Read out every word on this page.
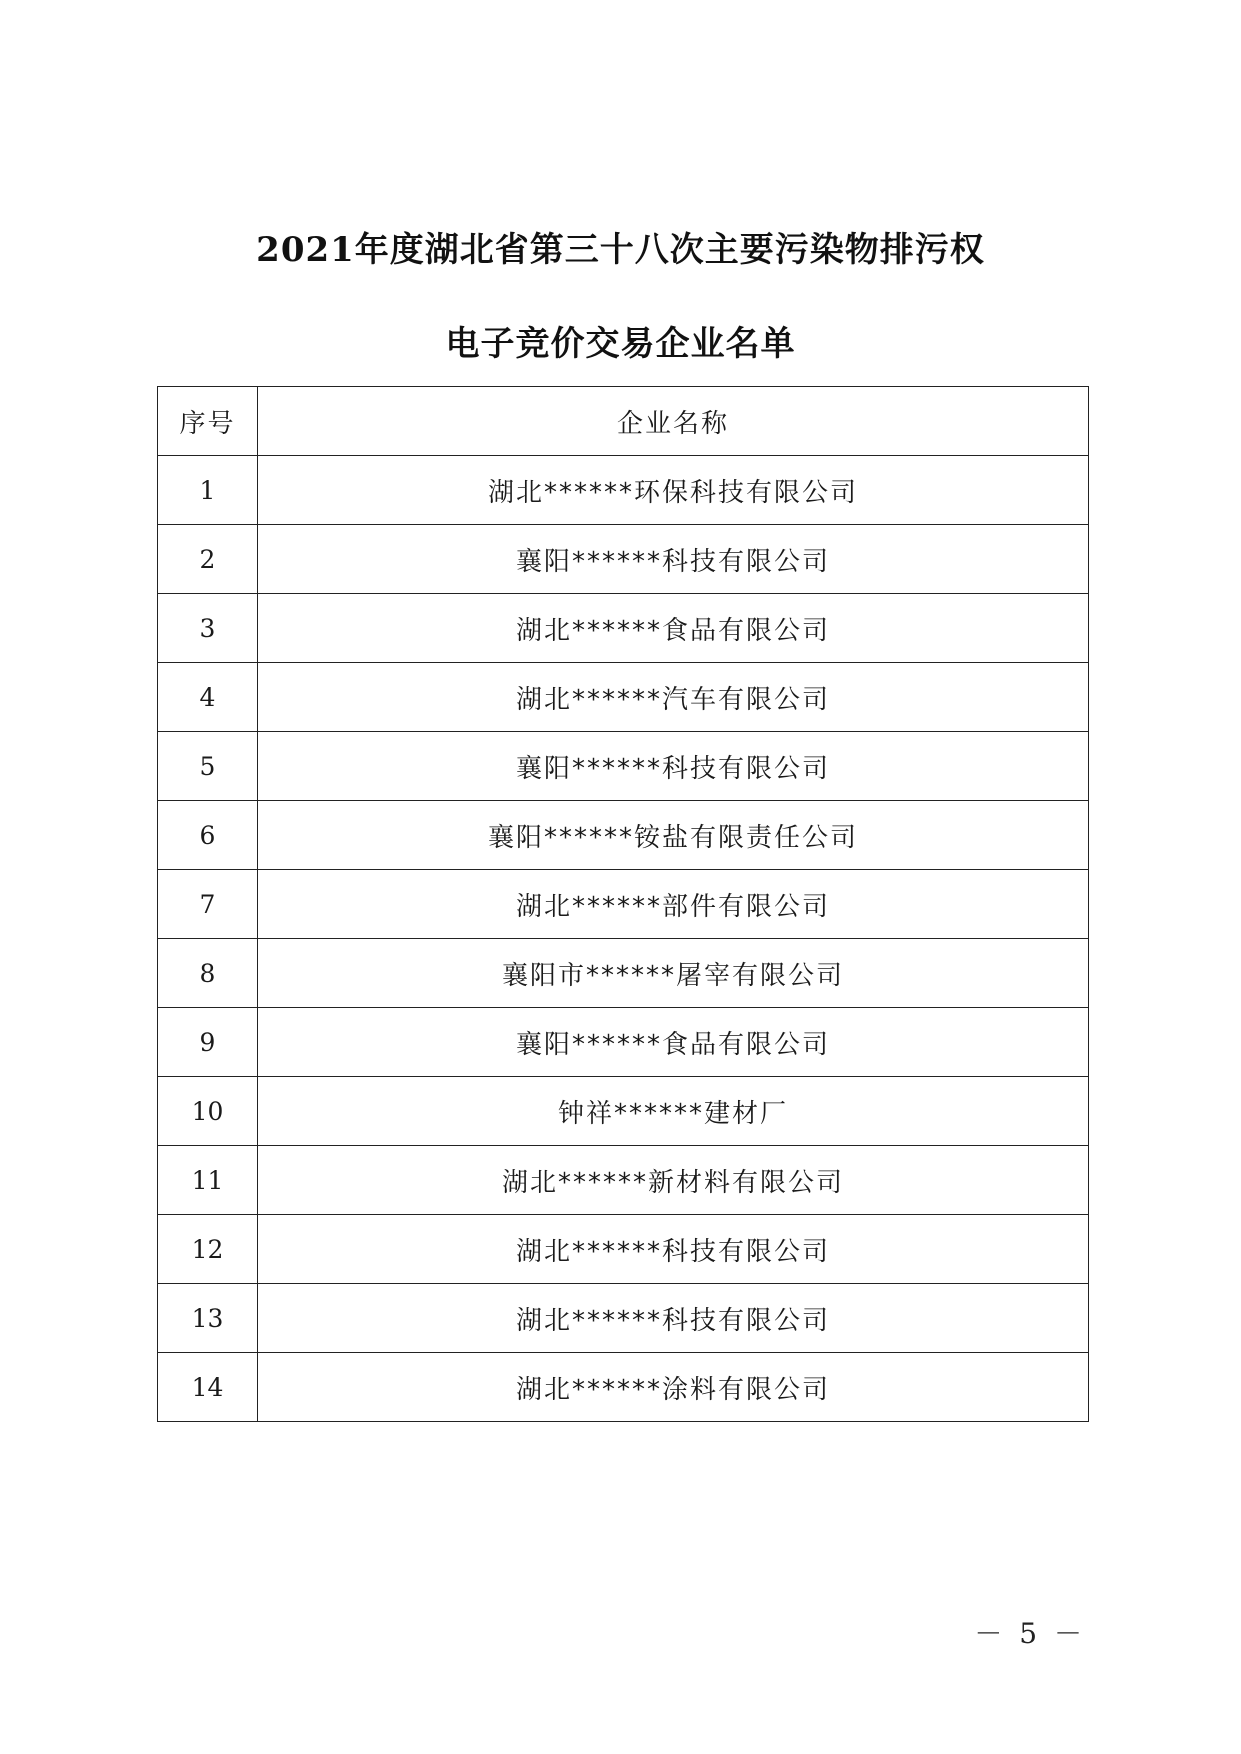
2021年度湖北省第三十八次主要污染物排污权
电子竞价交易企业名单
序号	企业名称
1	湖北******环保科技有限公司
2	襄阳******科技有限公司
3	湖北******食品有限公司
4	湖北******汽车有限公司
5	襄阳******科技有限公司
6	襄阳******铵盐有限责任公司
7	湖北******部件有限公司
8	襄阳市******屠宰有限公司
9	襄阳******食品有限公司
10	钟祥******建材厂
11	湖北******新材料有限公司
12	湖北******科技有限公司
13	湖北******科技有限公司
14	湖北******涂料有限公司
－ 5 －
